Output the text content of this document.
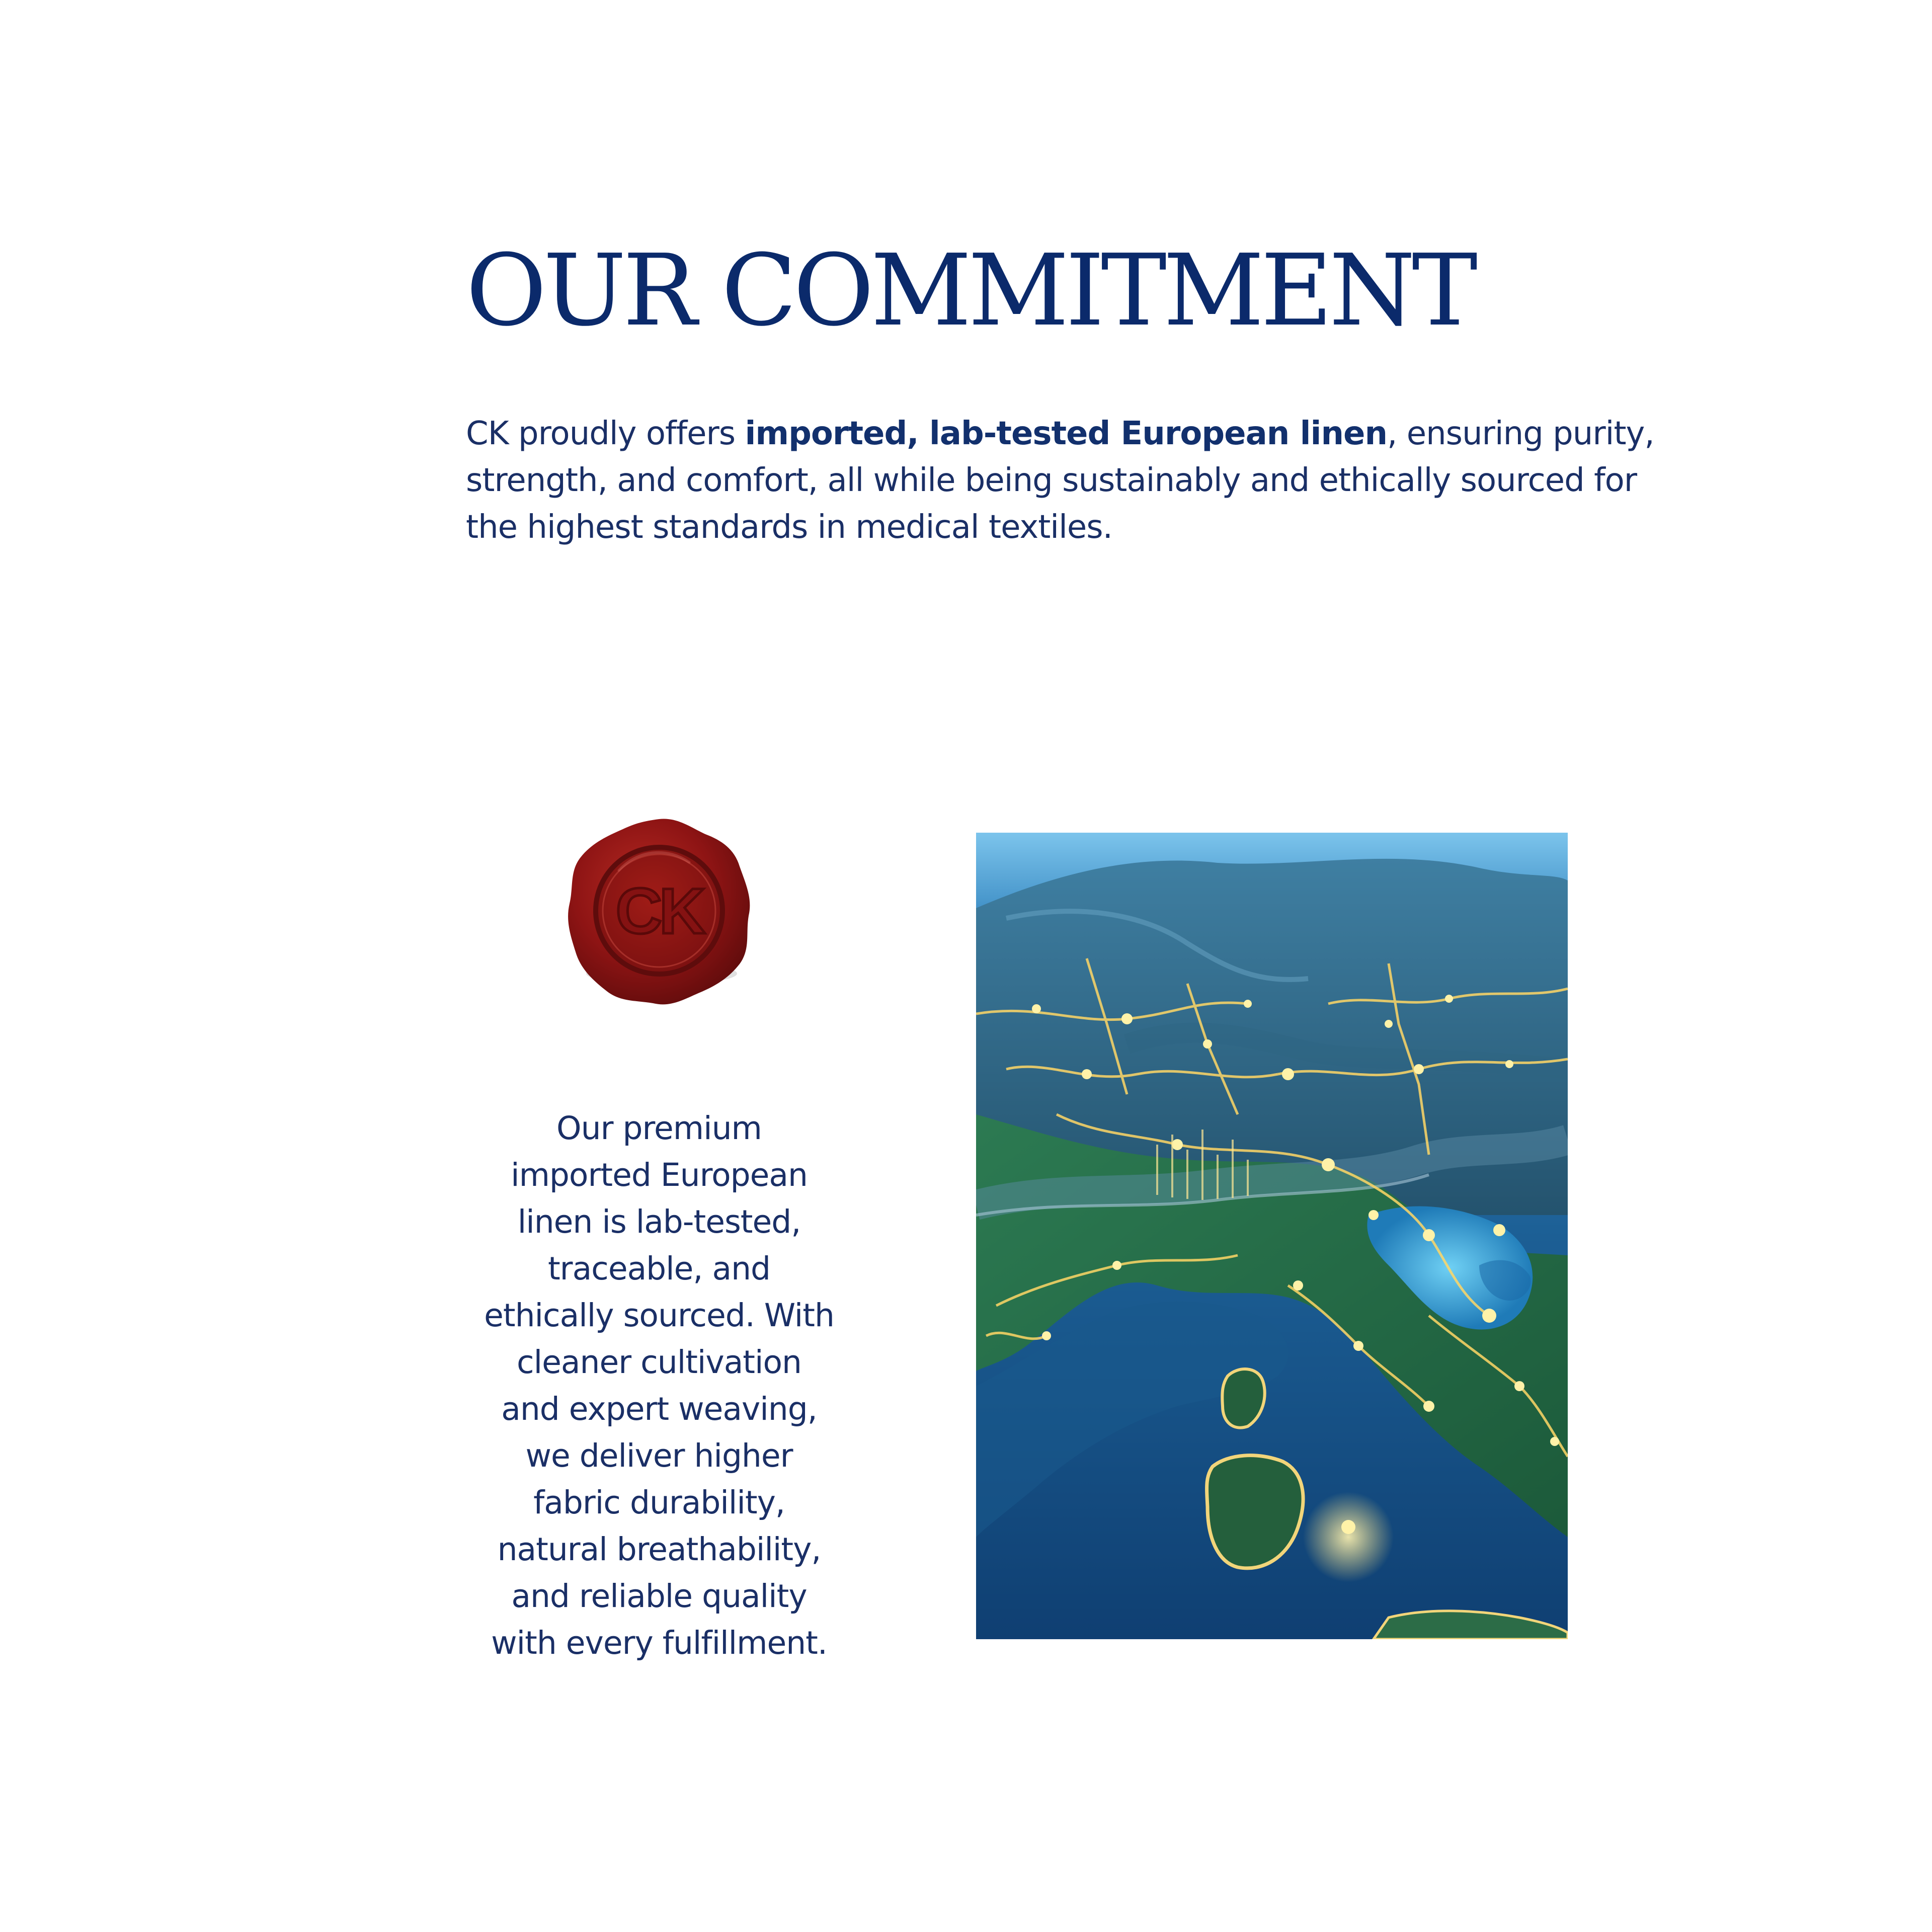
OUR COMMITMENT

CK proudly offers imported, lab-tested European linen, ensuring purity, strength, and comfort, all while being sustainably and ethically sourced for the highest standards in medical textiles.

CK

Our premium imported European linen is lab-tested, traceable, and ethically sourced. With cleaner cultivation and expert weaving, we deliver higher fabric durability, natural breathability, and reliable quality with every fulfillment.
